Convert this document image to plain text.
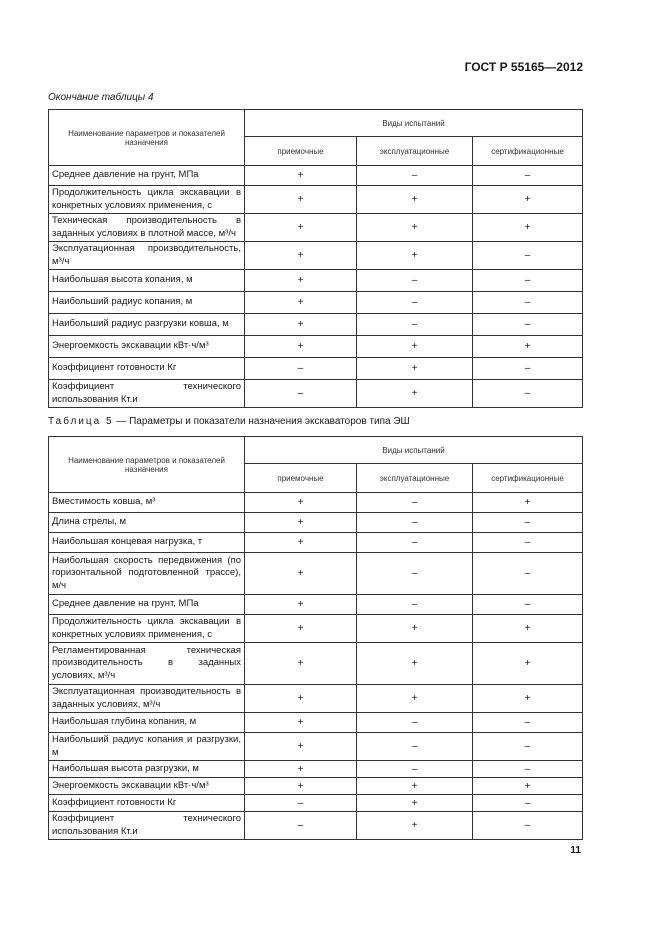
ГОСТ Р 55165—2012
Окончание таблицы 4
Наименование параметров и показателей назначения	Виды испытаний		
	приемочные	эксплуатационные	сертификационные
Среднее давление на грунт, МПа	+	–	–
Продолжительность цикла экскавации в конкретных условиях применения, с	+	+	+
Техническая производительность в заданных условиях в плотной массе, м³/ч	+	+	+
Эксплуатационная производительность, м³/ч	+	+	–
Наибольшая высота копания, м	+	–	–
Наибольший радиус копания, м	+	–	–
Наибольший радиус разгрузки ковша, м	+	–	–
Энергоемкость экскавации кВт·ч/м³	+	+	+
Коэффициент готовности Кг	–	+	–
Коэффициент технического использования Кт.и	–	+	–
Таблица 5 — Параметры и показатели назначения экскаваторов типа ЭШ
Наименование параметров и показателей назначения	Виды испытаний		
	приемочные	эксплуатационные	сертификационные
Вместимость ковша, м³	+	–	+
Длина стрелы, м	+	–	–
Наибольшая концевая нагрузка, т	+	–	–
Наибольшая скорость передвижения (по горизонтальной подготовленной трассе), м/ч	+	–	–
Среднее давление на грунт, МПа	+	–	–
Продолжительность цикла экскавации в конкретных условиях применения, с	+	+	+
Регламентированная техническая производительность в заданных условиях, м³/ч	+	+	+
Эксплуатационная производительность в заданных условиях, м³/ч	+	+	+
Наибольшая глубина копания, м	+	–	–
Наибольший радиус копания и разгрузки, м	+	–	–
Наибольшая высота разгрузки, м	+	–	–
Энергоемкость экскавации кВт·ч/м³	+	+	+
Коэффициент готовности Кг	–	+	–
Коэффициент технического использования Кт.и	–	+	–
11
